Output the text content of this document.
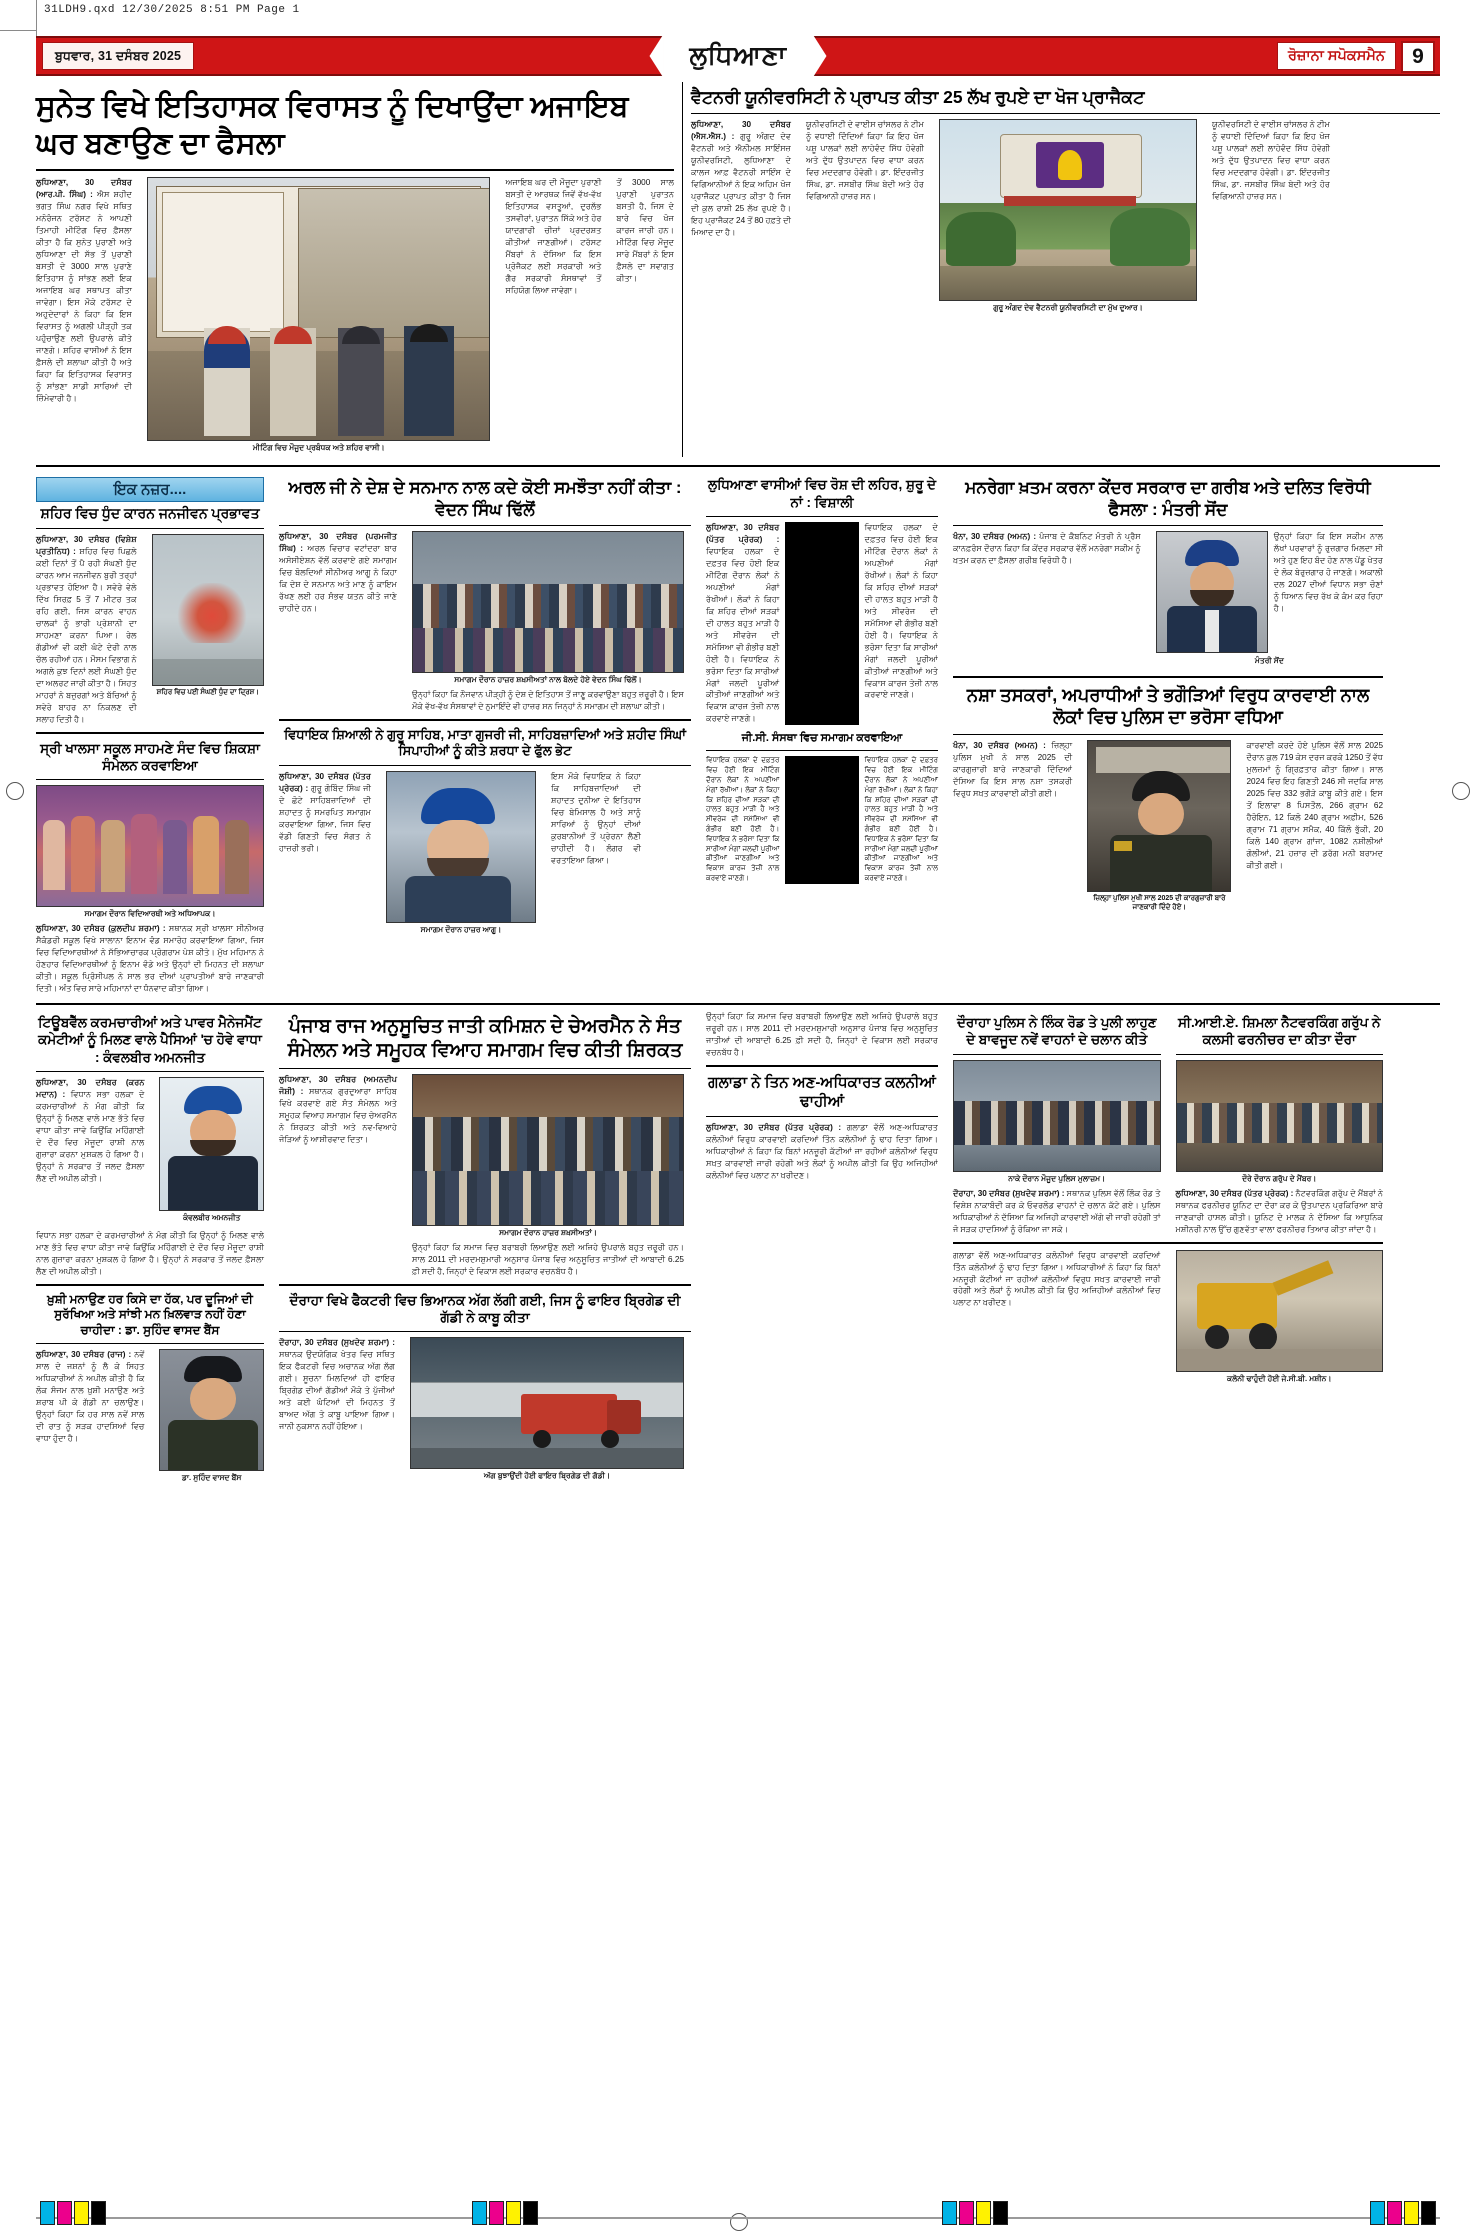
31LDH9.qxd 12/30/2025 8:51 PM Page 1
ਬੁਧਵਾਰ, 31 ਦਸੰਬਰ 2025	ਲੁਧਿਆਣਾ	ਰੋਜ਼ਾਨਾ ਸਪੋਕਸਮੈਨ	9
ਸੁਨੇਤ ਵਿਖੇ ਇਤਿਹਾਸਕ ਵਿਰਾਸਤ ਨੂੰ ਦਿਖਾਉਂਦਾ ਅਜਾਇਬ ਘਰ ਬਣਾਉਣ ਦਾ ਫੈਸਲਾ
ਲੁਧਿਆਣਾ, 30 ਦਸੰਬਰ (ਆਰ.ਪੀ. ਸਿੰਘ) : ਐਸ ਸ਼ਹੀਦ ਭਗਤ ਸਿੰਘ ਨਗਰ ਵਿਖੇ ਸਥਿਤ ਮਨੋਰੰਜਨ ਟਰੱਸਟ ਨੇ ਆਪਣੀ ਤਿਮਾਹੀ ਮੀਟਿੰਗ ਵਿਚ ਫ਼ੈਸਲਾ ਕੀਤਾ ਹੈ ਕਿ ਸੁਨੇਤ ਪੁਰਾਣੀ ਅਤੇ ਲੁਧਿਆਣਾ ਦੀ ਸੱਭ ਤੋਂ ਪੁਰਾਣੀ ਬਸਤੀ ਦੇ 3000 ਸਾਲ ਪੁਰਾਣੇ ਇਤਿਹਾਸ ਨੂੰ ਸਾਂਭਣ ਲਈ ਇਕ ਅਜਾਇਬ ਘਰ ਸਥਾਪਤ ਕੀਤਾ ਜਾਵੇਗਾ। ਇਸ ਮੌਕੇ ਟਰੱਸਟ ਦੇ ਅਹੁਦੇਦਾਰਾਂ ਨੇ ਕਿਹਾ ਕਿ ਇਸ ਵਿਰਾਸਤ ਨੂੰ ਅਗਲੀ ਪੀੜ੍ਹੀ ਤਕ ਪਹੁੰਚਾਉਣ ਲਈ ਉਪਰਾਲੇ ਕੀਤੇ ਜਾਣਗੇ। ਸ਼ਹਿਰ ਵਾਸੀਆਂ ਨੇ ਇਸ ਫ਼ੈਸਲੇ ਦੀ ਸ਼ਲਾਘਾ ਕੀਤੀ ਹੈ ਅਤੇ ਕਿਹਾ ਕਿ ਇਤਿਹਾਸਕ ਵਿਰਾਸਤ ਨੂੰ ਸਾਂਭਣਾ ਸਾਡੀ ਸਾਰਿਆਂ ਦੀ ਜ਼ਿੰਮੇਵਾਰੀ ਹੈ।
ਮੀਟਿੰਗ ਵਿਚ ਮੌਜੂਦ ਪ੍ਰਬੰਧਕ ਅਤੇ ਸ਼ਹਿਰ ਵਾਸੀ।
ਅਜਾਇਬ ਘਰ ਦੀ ਮੌਜੂਦਾ ਪੁਰਾਣੀ ਬਸਤੀ ਦੇ ਆਰਥਕ ਜਿਵੇਂ ਵੱਖ-ਵੱਖ ਇਤਿਹਾਸਕ ਵਸਤੂਆਂ, ਦੁਰਲੱਭ ਤਸਵੀਰਾਂ, ਪੁਰਾਤਨ ਸਿੱਕੇ ਅਤੇ ਹੋਰ ਯਾਦਗਾਰੀ ਚੀਜ਼ਾਂ ਪ੍ਰਦਰਸ਼ਤ ਕੀਤੀਆਂ ਜਾਣਗੀਆਂ। ਟਰੱਸਟ ਮੈਂਬਰਾਂ ਨੇ ਦੱਸਿਆ ਕਿ ਇਸ ਪ੍ਰੋਜੈਕਟ ਲਈ ਸਰਕਾਰੀ ਅਤੇ ਗੈਰ ਸਰਕਾਰੀ ਸੰਸਥਾਵਾਂ ਤੋਂ ਸਹਿਯੋਗ ਲਿਆ ਜਾਵੇਗਾ।
ਤੋਂ 3000 ਸਾਲ ਪੁਰਾਣੀ ਪੁਰਾਤਨ ਬਸਤੀ ਹੈ, ਜਿਸ ਦੇ ਬਾਰੇ ਵਿਚ ਖੋਜ ਕਾਰਜ ਜਾਰੀ ਹਨ। ਮੀਟਿੰਗ ਵਿਚ ਮੌਜੂਦ ਸਾਰੇ ਮੈਂਬਰਾਂ ਨੇ ਇਸ ਫ਼ੈਸਲੇ ਦਾ ਸਵਾਗਤ ਕੀਤਾ।
ਵੈਟਨਰੀ ਯੂਨੀਵਰਸਿਟੀ ਨੇ ਪ੍ਰਾਪਤ ਕੀਤਾ 25 ਲੱਖ ਰੁਪਏ ਦਾ ਖੋਜ ਪ੍ਰਾਜੈਕਟ
ਲੁਧਿਆਣਾ, 30 ਦਸੰਬਰ (ਐਸ.ਐਸ.) : ਗੁਰੂ ਅੰਗਦ ਦੇਵ ਵੈਟਨਰੀ ਅਤੇ ਐਨੀਮਲ ਸਾਇੰਸਜ਼ ਯੂਨੀਵਰਸਿਟੀ, ਲੁਧਿਆਣਾ ਦੇ ਕਾਲਜ ਆਫ਼ ਵੈਟਨਰੀ ਸਾਇੰਸ ਦੇ ਵਿਗਿਆਨੀਆਂ ਨੇ ਇਕ ਅਹਿਮ ਖੋਜ ਪ੍ਰਾਜੈਕਟ ਪ੍ਰਾਪਤ ਕੀਤਾ ਹੈ ਜਿਸ ਦੀ ਕੁਲ ਰਾਸ਼ੀ 25 ਲੱਖ ਰੁਪਏ ਹੈ। ਇਹ ਪ੍ਰਾਜੈਕਟ 24 ਤੋਂ 80 ਹਫ਼ਤੇ ਦੀ ਮਿਆਦ ਦਾ ਹੈ।
ਯੂਨੀਵਰਸਿਟੀ ਦੇ ਵਾਈਸ ਚਾਂਸਲਰ ਨੇ ਟੀਮ ਨੂੰ ਵਧਾਈ ਦਿੰਦਿਆਂ ਕਿਹਾ ਕਿ ਇਹ ਖੋਜ ਪਸ਼ੂ ਪਾਲਕਾਂ ਲਈ ਲਾਹੇਵੰਦ ਸਿੱਧ ਹੋਵੇਗੀ ਅਤੇ ਦੁੱਧ ਉਤਪਾਦਨ ਵਿਚ ਵਾਧਾ ਕਰਨ ਵਿਚ ਮਦਦਗਾਰ ਹੋਵੇਗੀ। ਡਾ. ਇੰਦਰਜੀਤ ਸਿੰਘ, ਡਾ. ਜਸਬੀਰ ਸਿੰਘ ਬੇਦੀ ਅਤੇ ਹੋਰ ਵਿਗਿਆਨੀ ਹਾਜ਼ਰ ਸਨ।
ਗੁਰੂ ਅੰਗਦ ਦੇਵ ਵੈਟਨਰੀ ਯੂਨੀਵਰਸਿਟੀ ਦਾ ਮੁੱਖ ਦੁਆਰ।
ਯੂਨੀਵਰਸਿਟੀ ਦੇ ਵਾਈਸ ਚਾਂਸਲਰ ਨੇ ਟੀਮ ਨੂੰ ਵਧਾਈ ਦਿੰਦਿਆਂ ਕਿਹਾ ਕਿ ਇਹ ਖੋਜ ਪਸ਼ੂ ਪਾਲਕਾਂ ਲਈ ਲਾਹੇਵੰਦ ਸਿੱਧ ਹੋਵੇਗੀ ਅਤੇ ਦੁੱਧ ਉਤਪਾਦਨ ਵਿਚ ਵਾਧਾ ਕਰਨ ਵਿਚ ਮਦਦਗਾਰ ਹੋਵੇਗੀ। ਡਾ. ਇੰਦਰਜੀਤ ਸਿੰਘ, ਡਾ. ਜਸਬੀਰ ਸਿੰਘ ਬੇਦੀ ਅਤੇ ਹੋਰ ਵਿਗਿਆਨੀ ਹਾਜ਼ਰ ਸਨ।
ਇਕ ਨਜ਼ਰ....
ਸ਼ਹਿਰ ਵਿਚ ਧੁੰਦ ਕਾਰਨ ਜਨਜੀਵਨ ਪ੍ਰਭਾਵਤ
ਲੁਧਿਆਣਾ, 30 ਦਸੰਬਰ (ਵਿਸ਼ੇਸ਼ ਪ੍ਰਤੀਨਿਧ) : ਸ਼ਹਿਰ ਵਿਚ ਪਿਛਲੇ ਕਈ ਦਿਨਾਂ ਤੋਂ ਪੈ ਰਹੀ ਸੰਘਣੀ ਧੁੰਦ ਕਾਰਨ ਆਮ ਜਨਜੀਵਨ ਬੁਰੀ ਤਰ੍ਹਾਂ ਪ੍ਰਭਾਵਤ ਹੋਇਆ ਹੈ। ਸਵੇਰੇ ਵੇਲੇ ਦਿੱਖ ਸਿਰਫ਼ 5 ਤੋਂ 7 ਮੀਟਰ ਤਕ ਰਹਿ ਗਈ, ਜਿਸ ਕਾਰਨ ਵਾਹਨ ਚਾਲਕਾਂ ਨੂੰ ਭਾਰੀ ਪ੍ਰੇਸ਼ਾਨੀ ਦਾ ਸਾਹਮਣਾ ਕਰਨਾ ਪਿਆ। ਰੇਲ ਗੱਡੀਆਂ ਵੀ ਕਈ ਘੰਟੇ ਦੇਰੀ ਨਾਲ ਚੱਲ ਰਹੀਆਂ ਹਨ। ਮੌਸਮ ਵਿਭਾਗ ਨੇ ਅਗਲੇ ਕੁਝ ਦਿਨਾਂ ਲਈ ਸੰਘਣੀ ਧੁੰਦ ਦਾ ਅਲਰਟ ਜਾਰੀ ਕੀਤਾ ਹੈ। ਸਿਹਤ ਮਾਹਰਾਂ ਨੇ ਬਜ਼ੁਰਗਾਂ ਅਤੇ ਬੱਚਿਆਂ ਨੂੰ ਸਵੇਰੇ ਬਾਹਰ ਨਾ ਨਿਕਲਣ ਦੀ ਸਲਾਹ ਦਿਤੀ ਹੈ।
ਸ਼ਹਿਰ ਵਿਚ ਪਈ ਸੰਘਣੀ ਧੁੰਦ ਦਾ ਦ੍ਰਿਸ਼।
ਸ੍ਰੀ ਖਾਲਸਾ ਸਕੂਲ ਸਾਹਮਣੇ ਸੰਦ ਵਿਚ ਸ਼ਿਕਸ਼ਾ ਸੰਮੇਲਨ ਕਰਵਾਇਆ
ਸਮਾਗਮ ਦੌਰਾਨ ਵਿਦਿਆਰਥੀ ਅਤੇ ਅਧਿਆਪਕ।
ਲੁਧਿਆਣਾ, 30 ਦਸੰਬਰ (ਕੁਲਦੀਪ ਸ਼ਰਮਾ) : ਸਥਾਨਕ ਸ੍ਰੀ ਖਾਲਸਾ ਸੀਨੀਅਰ ਸੈਕੰਡਰੀ ਸਕੂਲ ਵਿਖੇ ਸਾਲਾਨਾ ਇਨਾਮ ਵੰਡ ਸਮਾਰੋਹ ਕਰਵਾਇਆ ਗਿਆ, ਜਿਸ ਵਿਚ ਵਿਦਿਆਰਥੀਆਂ ਨੇ ਸੱਭਿਆਚਾਰਕ ਪ੍ਰੋਗਰਾਮ ਪੇਸ਼ ਕੀਤੇ। ਮੁੱਖ ਮਹਿਮਾਨ ਨੇ ਹੋਣਹਾਰ ਵਿਦਿਆਰਥੀਆਂ ਨੂੰ ਇਨਾਮ ਵੰਡੇ ਅਤੇ ਉਨ੍ਹਾਂ ਦੀ ਮਿਹਨਤ ਦੀ ਸ਼ਲਾਘਾ ਕੀਤੀ। ਸਕੂਲ ਪ੍ਰਿੰਸੀਪਲ ਨੇ ਸਾਲ ਭਰ ਦੀਆਂ ਪ੍ਰਾਪਤੀਆਂ ਬਾਰੇ ਜਾਣਕਾਰੀ ਦਿਤੀ। ਅੰਤ ਵਿਚ ਸਾਰੇ ਮਹਿਮਾਨਾਂ ਦਾ ਧੰਨਵਾਦ ਕੀਤਾ ਗਿਆ।
ਅਰਲ ਜੀ ਨੇ ਦੇਸ਼ ਦੇ ਸਨਮਾਨ ਨਾਲ ਕਦੇ ਕੋਈ ਸਮਝੌਤਾ ਨਹੀਂ ਕੀਤਾ : ਵੇਦਨ ਸਿੰਘ ਢਿੱਲੋਂ
ਲੁਧਿਆਣਾ, 30 ਦਸੰਬਰ (ਪਰਮਜੀਤ ਸਿੰਘ) : ਅਰਲ ਵਿਚਾਰ ਵਟਾਂਦਰਾ ਬਾਰ ਅਸੋਸੀਏਸ਼ਨ ਵੱਲੋਂ ਕਰਵਾਏ ਗਏ ਸਮਾਗਮ ਵਿਚ ਬੋਲਦਿਆਂ ਸੀਨੀਅਰ ਆਗੂ ਨੇ ਕਿਹਾ ਕਿ ਦੇਸ਼ ਦੇ ਸਨਮਾਨ ਅਤੇ ਮਾਣ ਨੂੰ ਕਾਇਮ ਰੱਖਣ ਲਈ ਹਰ ਸੰਭਵ ਯਤਨ ਕੀਤੇ ਜਾਣੇ ਚਾਹੀਦੇ ਹਨ।
ਸਮਾਗਮ ਦੌਰਾਨ ਹਾਜ਼ਰ ਸ਼ਖ਼ਸੀਅਤਾਂ ਨਾਲ ਬੋਲਦੇ ਹੋਏ ਵੇਦਨ ਸਿੰਘ ਢਿੱਲੋਂ।
ਉਨ੍ਹਾਂ ਕਿਹਾ ਕਿ ਨੌਜਵਾਨ ਪੀੜ੍ਹੀ ਨੂੰ ਦੇਸ਼ ਦੇ ਇਤਿਹਾਸ ਤੋਂ ਜਾਣੂ ਕਰਵਾਉਣਾ ਬਹੁਤ ਜ਼ਰੂਰੀ ਹੈ। ਇਸ ਮੌਕੇ ਵੱਖ-ਵੱਖ ਸੰਸਥਾਵਾਂ ਦੇ ਨੁਮਾਇੰਦੇ ਵੀ ਹਾਜ਼ਰ ਸਨ ਜਿਨ੍ਹਾਂ ਨੇ ਸਮਾਗਮ ਦੀ ਸ਼ਲਾਘਾ ਕੀਤੀ।
ਵਿਧਾਇਕ ਸ਼ਿਆਲੀ ਨੇ ਗੁਰੂ ਸਾਹਿਬ, ਮਾਤਾ ਗੁਜਰੀ ਜੀ, ਸਾਹਿਬਜ਼ਾਦਿਆਂ ਅਤੇ ਸ਼ਹੀਦ ਸਿੰਘਾਂ ਸਿਪਾਹੀਆਂ ਨੂੰ ਕੀਤੇ ਸ਼ਰਧਾ ਦੇ ਫੁੱਲ ਭੇਟ
ਲੁਧਿਆਣਾ, 30 ਦਸੰਬਰ (ਪੱਤਰ ਪ੍ਰੇਰਕ) : ਗੁਰੂ ਗੋਬਿੰਦ ਸਿੰਘ ਜੀ ਦੇ ਛੋਟੇ ਸਾਹਿਬਜ਼ਾਦਿਆਂ ਦੀ ਸ਼ਹਾਦਤ ਨੂੰ ਸਮਰਪਿਤ ਸਮਾਗਮ ਕਰਵਾਇਆ ਗਿਆ, ਜਿਸ ਵਿਚ ਵੱਡੀ ਗਿਣਤੀ ਵਿਚ ਸੰਗਤ ਨੇ ਹਾਜ਼ਰੀ ਭਰੀ।
ਸਮਾਗਮ ਦੌਰਾਨ ਹਾਜ਼ਰ ਆਗੂ।
ਇਸ ਮੌਕੇ ਵਿਧਾਇਕ ਨੇ ਕਿਹਾ ਕਿ ਸਾਹਿਬਜ਼ਾਦਿਆਂ ਦੀ ਸ਼ਹਾਦਤ ਦੁਨੀਆ ਦੇ ਇਤਿਹਾਸ ਵਿਚ ਬੇਮਿਸਾਲ ਹੈ ਅਤੇ ਸਾਨੂੰ ਸਾਰਿਆਂ ਨੂੰ ਉਨ੍ਹਾਂ ਦੀਆਂ ਕੁਰਬਾਨੀਆਂ ਤੋਂ ਪ੍ਰੇਰਨਾ ਲੈਣੀ ਚਾਹੀਦੀ ਹੈ। ਲੰਗਰ ਵੀ ਵਰਤਾਇਆ ਗਿਆ।
ਲੁਧਿਆਣਾ ਵਾਸੀਆਂ ਵਿਚ ਰੋਸ਼ ਦੀ ਲਹਿਰ, ਸ਼ੁਰੂ ਦੇ ਨਾਂ : ਵਿਸ਼ਾਲੀ
ਲੁਧਿਆਣਾ, 30 ਦਸੰਬਰ (ਪੱਤਰ ਪ੍ਰੇਰਕ) : ਵਿਧਾਇਕ ਹਲਕਾ ਦੇ ਦਫ਼ਤਰ ਵਿਚ ਹੋਈ ਇਕ ਮੀਟਿੰਗ ਦੌਰਾਨ ਲੋਕਾਂ ਨੇ ਅਪਣੀਆਂ ਮੰਗਾਂ ਰੱਖੀਆਂ। ਲੋਕਾਂ ਨੇ ਕਿਹਾ ਕਿ ਸ਼ਹਿਰ ਦੀਆਂ ਸੜਕਾਂ ਦੀ ਹਾਲਤ ਬਹੁਤ ਮਾੜੀ ਹੈ ਅਤੇ ਸੀਵਰੇਜ ਦੀ ਸਮੱਸਿਆ ਵੀ ਗੰਭੀਰ ਬਣੀ ਹੋਈ ਹੈ। ਵਿਧਾਇਕ ਨੇ ਭਰੋਸਾ ਦਿਤਾ ਕਿ ਸਾਰੀਆਂ ਮੰਗਾਂ ਜਲਦੀ ਪੂਰੀਆਂ ਕੀਤੀਆਂ ਜਾਣਗੀਆਂ ਅਤੇ ਵਿਕਾਸ ਕਾਰਜ ਤੇਜ਼ੀ ਨਾਲ ਕਰਵਾਏ ਜਾਣਗੇ।
ਵਿਧਾਇਕ ਹਲਕਾ ਦੇ ਦਫ਼ਤਰ ਵਿਚ ਹੋਈ ਇਕ ਮੀਟਿੰਗ ਦੌਰਾਨ ਲੋਕਾਂ ਨੇ ਅਪਣੀਆਂ ਮੰਗਾਂ ਰੱਖੀਆਂ। ਲੋਕਾਂ ਨੇ ਕਿਹਾ ਕਿ ਸ਼ਹਿਰ ਦੀਆਂ ਸੜਕਾਂ ਦੀ ਹਾਲਤ ਬਹੁਤ ਮਾੜੀ ਹੈ ਅਤੇ ਸੀਵਰੇਜ ਦੀ ਸਮੱਸਿਆ ਵੀ ਗੰਭੀਰ ਬਣੀ ਹੋਈ ਹੈ। ਵਿਧਾਇਕ ਨੇ ਭਰੋਸਾ ਦਿਤਾ ਕਿ ਸਾਰੀਆਂ ਮੰਗਾਂ ਜਲਦੀ ਪੂਰੀਆਂ ਕੀਤੀਆਂ ਜਾਣਗੀਆਂ ਅਤੇ ਵਿਕਾਸ ਕਾਰਜ ਤੇਜ਼ੀ ਨਾਲ ਕਰਵਾਏ ਜਾਣਗੇ।
ਜੀ.ਸੀ. ਸੰਸਥਾ ਵਿਚ ਸਮਾਗਮ ਕਰਵਾਇਆ
ਵਿਧਾਇਕ ਹਲਕਾ ਦੇ ਦਫ਼ਤਰ ਵਿਚ ਹੋਈ ਇਕ ਮੀਟਿੰਗ ਦੌਰਾਨ ਲੋਕਾਂ ਨੇ ਅਪਣੀਆਂ ਮੰਗਾਂ ਰੱਖੀਆਂ। ਲੋਕਾਂ ਨੇ ਕਿਹਾ ਕਿ ਸ਼ਹਿਰ ਦੀਆਂ ਸੜਕਾਂ ਦੀ ਹਾਲਤ ਬਹੁਤ ਮਾੜੀ ਹੈ ਅਤੇ ਸੀਵਰੇਜ ਦੀ ਸਮੱਸਿਆ ਵੀ ਗੰਭੀਰ ਬਣੀ ਹੋਈ ਹੈ। ਵਿਧਾਇਕ ਨੇ ਭਰੋਸਾ ਦਿਤਾ ਕਿ ਸਾਰੀਆਂ ਮੰਗਾਂ ਜਲਦੀ ਪੂਰੀਆਂ ਕੀਤੀਆਂ ਜਾਣਗੀਆਂ ਅਤੇ ਵਿਕਾਸ ਕਾਰਜ ਤੇਜ਼ੀ ਨਾਲ ਕਰਵਾਏ ਜਾਣਗੇ।
ਵਿਧਾਇਕ ਹਲਕਾ ਦੇ ਦਫ਼ਤਰ ਵਿਚ ਹੋਈ ਇਕ ਮੀਟਿੰਗ ਦੌਰਾਨ ਲੋਕਾਂ ਨੇ ਅਪਣੀਆਂ ਮੰਗਾਂ ਰੱਖੀਆਂ। ਲੋਕਾਂ ਨੇ ਕਿਹਾ ਕਿ ਸ਼ਹਿਰ ਦੀਆਂ ਸੜਕਾਂ ਦੀ ਹਾਲਤ ਬਹੁਤ ਮਾੜੀ ਹੈ ਅਤੇ ਸੀਵਰੇਜ ਦੀ ਸਮੱਸਿਆ ਵੀ ਗੰਭੀਰ ਬਣੀ ਹੋਈ ਹੈ। ਵਿਧਾਇਕ ਨੇ ਭਰੋਸਾ ਦਿਤਾ ਕਿ ਸਾਰੀਆਂ ਮੰਗਾਂ ਜਲਦੀ ਪੂਰੀਆਂ ਕੀਤੀਆਂ ਜਾਣਗੀਆਂ ਅਤੇ ਵਿਕਾਸ ਕਾਰਜ ਤੇਜ਼ੀ ਨਾਲ ਕਰਵਾਏ ਜਾਣਗੇ।
ਮਨਰੇਗਾ ਖ਼ਤਮ ਕਰਨਾ ਕੇਂਦਰ ਸਰਕਾਰ ਦਾ ਗਰੀਬ ਅਤੇ ਦਲਿਤ ਵਿਰੋਧੀ ਫੈਸਲਾ : ਮੰਤਰੀ ਸੋਂਦ
ਖੰਨਾ, 30 ਦਸੰਬਰ (ਅਮਨ) : ਪੰਜਾਬ ਦੇ ਕੈਬਨਿਟ ਮੰਤਰੀ ਨੇ ਪ੍ਰੈਸ ਕਾਨਫ਼ਰੰਸ ਦੌਰਾਨ ਕਿਹਾ ਕਿ ਕੇਂਦਰ ਸਰਕਾਰ ਵੱਲੋਂ ਮਨਰੇਗਾ ਸਕੀਮ ਨੂੰ ਖ਼ਤਮ ਕਰਨ ਦਾ ਫ਼ੈਸਲਾ ਗਰੀਬ ਵਿਰੋਧੀ ਹੈ।
ਉਨ੍ਹਾਂ ਕਿਹਾ ਕਿ ਇਸ ਸਕੀਮ ਨਾਲ ਲੱਖਾਂ ਪਰਵਾਰਾਂ ਨੂੰ ਰੁਜ਼ਗਾਰ ਮਿਲਦਾ ਸੀ ਅਤੇ ਹੁਣ ਇਹ ਬੰਦ ਹੋਣ ਨਾਲ ਪੇਂਡੂ ਖੇਤਰ ਦੇ ਲੋਕ ਬੇਰੁਜ਼ਗਾਰ ਹੋ ਜਾਣਗੇ। ਅਕਾਲੀ ਦਲ 2027 ਦੀਆਂ ਵਿਧਾਨ ਸਭਾ ਚੋਣਾਂ ਨੂੰ ਧਿਆਨ ਵਿਚ ਰੱਖ ਕੇ ਕੰਮ ਕਰ ਰਿਹਾ ਹੈ।
ਮੰਤਰੀ ਸੋਂਦ
ਨਸ਼ਾ ਤਸਕਰਾਂ, ਅਪਰਾਧੀਆਂ ਤੇ ਭਗੌੜਿਆਂ ਵਿਰੁਧ ਕਾਰਵਾਈ ਨਾਲ ਲੋਕਾਂ ਵਿਚ ਪੁਲਿਸ ਦਾ ਭਰੋਸਾ ਵਧਿਆ
ਖੰਨਾ, 30 ਦਸੰਬਰ (ਅਮਨ) : ਜ਼ਿਲ੍ਹਾ ਪੁਲਿਸ ਮੁਖੀ ਨੇ ਸਾਲ 2025 ਦੀ ਕਾਰਗੁਜ਼ਾਰੀ ਬਾਰੇ ਜਾਣਕਾਰੀ ਦਿੰਦਿਆਂ ਦੱਸਿਆ ਕਿ ਇਸ ਸਾਲ ਨਸ਼ਾ ਤਸਕਰੀ ਵਿਰੁਧ ਸਖ਼ਤ ਕਾਰਵਾਈ ਕੀਤੀ ਗਈ।
ਜ਼ਿਲ੍ਹਾ ਪੁਲਿਸ ਮੁਖੀ ਸਾਲ 2025 ਦੀ ਕਾਰਗੁਜ਼ਾਰੀ ਬਾਰੇ ਜਾਣਕਾਰੀ ਦਿੰਦੇ ਹੋਏ।
ਕਾਰਵਾਈ ਕਰਦੇ ਹੋਏ ਪੁਲਿਸ ਵੱਲੋਂ ਸਾਲ 2025 ਦੌਰਾਨ ਕੁਲ 719 ਕੇਸ ਦਰਜ ਕਰਕੇ 1250 ਤੋਂ ਵੱਧ ਮੁਲਜ਼ਮਾਂ ਨੂੰ ਗ੍ਰਿਫ਼ਤਾਰ ਕੀਤਾ ਗਿਆ। ਸਾਲ 2024 ਵਿਚ ਇਹ ਗਿਣਤੀ 246 ਸੀ ਜਦਕਿ ਸਾਲ 2025 ਵਿਚ 332 ਭਗੌੜੇ ਕਾਬੂ ਕੀਤੇ ਗਏ। ਇਸ ਤੋਂ ਇਲਾਵਾ 8 ਪਿਸਤੌਲ, 266 ਗ੍ਰਾਮ 62 ਹੈਰੋਇਨ, 12 ਕਿਲੋ 240 ਗ੍ਰਾਮ ਅਫ਼ੀਮ, 526 ਗ੍ਰਾਮ 71 ਗ੍ਰਾਮ ਸਮੈਕ, 40 ਕਿੱਲੋ ਭੁੱਕੀ, 20 ਕਿਲੋ 140 ਗ੍ਰਾਮ ਗਾਂਜਾ, 1082 ਨਸ਼ੀਲੀਆਂ ਗੋਲੀਆਂ, 21 ਹਜ਼ਾਰ ਦੀ ਡਰੱਗ ਮਨੀ ਬਰਾਮਦ ਕੀਤੀ ਗਈ।
ਟਿਊਬਵੈੱਲ ਕਰਮਚਾਰੀਆਂ ਅਤੇ ਪਾਵਰ ਮੈਨੇਜਮੈਂਟ ਕਮੇਟੀਆਂ ਨੂੰ ਮਿਲਣ ਵਾਲੇ ਪੈਸਿਆਂ 'ਚ ਹੋਵੇ ਵਾਧਾ : ਕੰਵਲਬੀਰ ਅਮਨਜੀਤ
ਲੁਧਿਆਣਾ, 30 ਦਸੰਬਰ (ਕਰਨ ਮਦਾਨ) : ਵਿਧਾਨ ਸਭਾ ਹਲਕਾ ਦੇ ਕਰਮਚਾਰੀਆਂ ਨੇ ਮੰਗ ਕੀਤੀ ਕਿ ਉਨ੍ਹਾਂ ਨੂੰ ਮਿਲਣ ਵਾਲੇ ਮਾਣ ਭੱਤੇ ਵਿਚ ਵਾਧਾ ਕੀਤਾ ਜਾਵੇ ਕਿਉਂਕਿ ਮਹਿੰਗਾਈ ਦੇ ਦੌਰ ਵਿਚ ਮੌਜੂਦਾ ਰਾਸ਼ੀ ਨਾਲ ਗੁਜ਼ਾਰਾ ਕਰਨਾ ਮੁਸ਼ਕਲ ਹੋ ਗਿਆ ਹੈ। ਉਨ੍ਹਾਂ ਨੇ ਸਰਕਾਰ ਤੋਂ ਜਲਦ ਫ਼ੈਸਲਾ ਲੈਣ ਦੀ ਅਪੀਲ ਕੀਤੀ।
ਕੰਵਲਬੀਰ ਅਮਨਜੀਤ
ਵਿਧਾਨ ਸਭਾ ਹਲਕਾ ਦੇ ਕਰਮਚਾਰੀਆਂ ਨੇ ਮੰਗ ਕੀਤੀ ਕਿ ਉਨ੍ਹਾਂ ਨੂੰ ਮਿਲਣ ਵਾਲੇ ਮਾਣ ਭੱਤੇ ਵਿਚ ਵਾਧਾ ਕੀਤਾ ਜਾਵੇ ਕਿਉਂਕਿ ਮਹਿੰਗਾਈ ਦੇ ਦੌਰ ਵਿਚ ਮੌਜੂਦਾ ਰਾਸ਼ੀ ਨਾਲ ਗੁਜ਼ਾਰਾ ਕਰਨਾ ਮੁਸ਼ਕਲ ਹੋ ਗਿਆ ਹੈ। ਉਨ੍ਹਾਂ ਨੇ ਸਰਕਾਰ ਤੋਂ ਜਲਦ ਫ਼ੈਸਲਾ ਲੈਣ ਦੀ ਅਪੀਲ ਕੀਤੀ।
ਖ਼ੁਸ਼ੀ ਮਨਾਉਣ ਹਰ ਕਿਸੇ ਦਾ ਹੱਕ, ਪਰ ਦੂਜਿਆਂ ਦੀ ਸੁਰੱਖਿਆ ਅਤੇ ਸਾਂਝੀ ਮਨ ਖ਼ਿਲਵਾੜ ਨਹੀਂ ਹੋਣਾ ਚਾਹੀਦਾ : ਡਾ. ਸੁਹਿੰਦ ਵਾਸਦ ਬੈਂਸ
ਲੁਧਿਆਣਾ, 30 ਦਸੰਬਰ (ਰਾਜ) : ਨਵੇਂ ਸਾਲ ਦੇ ਜਸ਼ਨਾਂ ਨੂੰ ਲੈ ਕੇ ਸਿਹਤ ਅਧਿਕਾਰੀਆਂ ਨੇ ਅਪੀਲ ਕੀਤੀ ਹੈ ਕਿ ਲੋਕ ਸੰਜਮ ਨਾਲ ਖ਼ੁਸ਼ੀ ਮਨਾਉਣ ਅਤੇ ਸ਼ਰਾਬ ਪੀ ਕੇ ਗੱਡੀ ਨਾ ਚਲਾਉਣ। ਉਨ੍ਹਾਂ ਕਿਹਾ ਕਿ ਹਰ ਸਾਲ ਨਵੇਂ ਸਾਲ ਦੀ ਰਾਤ ਨੂੰ ਸੜਕ ਹਾਦਸਿਆਂ ਵਿਚ ਵਾਧਾ ਹੁੰਦਾ ਹੈ।
ਡਾ. ਸੁਹਿੰਦ ਵਾਸਦ ਬੈਂਸ
ਪੰਜਾਬ ਰਾਜ ਅਨੁਸੂਚਿਤ ਜਾਤੀ ਕਮਿਸ਼ਨ ਦੇ ਚੇਅਰਮੈਨ ਨੇ ਸੰਤ ਸੰਮੇਲਨ ਅਤੇ ਸਮੂਹਕ ਵਿਆਹ ਸਮਾਗਮ ਵਿਚ ਕੀਤੀ ਸ਼ਿਰਕਤ
ਲੁਧਿਆਣਾ, 30 ਦਸੰਬਰ (ਅਮਨਦੀਪ ਜੋਸ਼ੀ) : ਸਥਾਨਕ ਗੁਰਦੁਆਰਾ ਸਾਹਿਬ ਵਿਖੇ ਕਰਵਾਏ ਗਏ ਸੰਤ ਸੰਮੇਲਨ ਅਤੇ ਸਮੂਹਕ ਵਿਆਹ ਸਮਾਗਮ ਵਿਚ ਚੇਅਰਮੈਨ ਨੇ ਸ਼ਿਰਕਤ ਕੀਤੀ ਅਤੇ ਨਵ-ਵਿਆਹੇ ਜੋੜਿਆਂ ਨੂੰ ਆਸ਼ੀਰਵਾਦ ਦਿਤਾ।
ਸਮਾਗਮ ਦੌਰਾਨ ਹਾਜ਼ਰ ਸ਼ਖ਼ਸੀਅਤਾਂ।
ਉਨ੍ਹਾਂ ਕਿਹਾ ਕਿ ਸਮਾਜ ਵਿਚ ਬਰਾਬਰੀ ਲਿਆਉਣ ਲਈ ਅਜਿਹੇ ਉਪਰਾਲੇ ਬਹੁਤ ਜ਼ਰੂਰੀ ਹਨ। ਸਾਲ 2011 ਦੀ ਮਰਦਮਸ਼ੁਮਾਰੀ ਅਨੁਸਾਰ ਪੰਜਾਬ ਵਿਚ ਅਨੁਸੂਚਿਤ ਜਾਤੀਆਂ ਦੀ ਆਬਾਦੀ 6.25 ਫ਼ੀ ਸਦੀ ਹੈ, ਜਿਨ੍ਹਾਂ ਦੇ ਵਿਕਾਸ ਲਈ ਸਰਕਾਰ ਵਚਨਬੱਧ ਹੈ।
ਦੌਰਾਹਾ ਵਿਖੇ ਫੈਕਟਰੀ ਵਿਚ ਭਿਆਨਕ ਅੱਗ ਲੱਗੀ ਗਈ, ਜਿਸ ਨੂੰ ਫਾਇਰ ਬ੍ਰਿਗੇਡ ਦੀ ਗੱਡੀ ਨੇ ਕਾਬੂ ਕੀਤਾ
ਦੌਰਾਹਾ, 30 ਦਸੰਬਰ (ਸੁਖਦੇਵ ਸ਼ਰਮਾ) : ਸਥਾਨਕ ਉਦਯੋਗਿਕ ਖੇਤਰ ਵਿਚ ਸਥਿਤ ਇਕ ਫੈਕਟਰੀ ਵਿਚ ਅਚਾਨਕ ਅੱਗ ਲੱਗ ਗਈ। ਸੂਚਨਾ ਮਿਲਦਿਆਂ ਹੀ ਫਾਇਰ ਬ੍ਰਿਗੇਡ ਦੀਆਂ ਗੱਡੀਆਂ ਮੌਕੇ ਤੇ ਪੁੱਜੀਆਂ ਅਤੇ ਕਈ ਘੰਟਿਆਂ ਦੀ ਮਿਹਨਤ ਤੋਂ ਬਾਅਦ ਅੱਗ ਤੇ ਕਾਬੂ ਪਾਇਆ ਗਿਆ। ਜਾਨੀ ਨੁਕਸਾਨ ਨਹੀਂ ਹੋਇਆ।
ਅੱਗ ਬੁਝਾਉਂਦੀ ਹੋਈ ਫਾਇਰ ਬ੍ਰਿਗੇਡ ਦੀ ਗੱਡੀ।
ਉਨ੍ਹਾਂ ਕਿਹਾ ਕਿ ਸਮਾਜ ਵਿਚ ਬਰਾਬਰੀ ਲਿਆਉਣ ਲਈ ਅਜਿਹੇ ਉਪਰਾਲੇ ਬਹੁਤ ਜ਼ਰੂਰੀ ਹਨ। ਸਾਲ 2011 ਦੀ ਮਰਦਮਸ਼ੁਮਾਰੀ ਅਨੁਸਾਰ ਪੰਜਾਬ ਵਿਚ ਅਨੁਸੂਚਿਤ ਜਾਤੀਆਂ ਦੀ ਆਬਾਦੀ 6.25 ਫ਼ੀ ਸਦੀ ਹੈ, ਜਿਨ੍ਹਾਂ ਦੇ ਵਿਕਾਸ ਲਈ ਸਰਕਾਰ ਵਚਨਬੱਧ ਹੈ।
ਗਲਾਡਾ ਨੇ ਤਿਨ ਅਣ-ਅਧਿਕਾਰਤ ਕਲਨੀਆਂ ਢਾਹੀਆਂ
ਲੁਧਿਆਣਾ, 30 ਦਸੰਬਰ (ਪੱਤਰ ਪ੍ਰੇਰਕ) : ਗਲਾਡਾ ਵੱਲੋਂ ਅਣ-ਅਧਿਕਾਰਤ ਕਲੋਨੀਆਂ ਵਿਰੁਧ ਕਾਰਵਾਈ ਕਰਦਿਆਂ ਤਿੰਨ ਕਲੋਨੀਆਂ ਨੂੰ ਢਾਹ ਦਿਤਾ ਗਿਆ। ਅਧਿਕਾਰੀਆਂ ਨੇ ਕਿਹਾ ਕਿ ਬਿਨਾਂ ਮਨਜ਼ੂਰੀ ਕੱਟੀਆਂ ਜਾ ਰਹੀਆਂ ਕਲੋਨੀਆਂ ਵਿਰੁਧ ਸਖ਼ਤ ਕਾਰਵਾਈ ਜਾਰੀ ਰਹੇਗੀ ਅਤੇ ਲੋਕਾਂ ਨੂੰ ਅਪੀਲ ਕੀਤੀ ਕਿ ਉਹ ਅਜਿਹੀਆਂ ਕਲੋਨੀਆਂ ਵਿਚ ਪਲਾਟ ਨਾ ਖ਼ਰੀਦਣ।
ਦੌਰਾਹਾ ਪੁਲਿਸ ਨੇ ਲਿੰਕ ਰੋਡ ਤੇ ਪੁਲੀ ਲਾਹੁਣ ਦੇ ਬਾਵਜੂਦ ਨਵੇਂ ਵਾਹਨਾਂ ਦੇ ਚਲਾਨ ਕੀਤੇ
ਨਾਕੇ ਦੌਰਾਨ ਮੌਜੂਦ ਪੁਲਿਸ ਮੁਲਾਜ਼ਮ।
ਦੌਰਾਹਾ, 30 ਦਸੰਬਰ (ਸੁਖਦੇਵ ਸ਼ਰਮਾ) : ਸਥਾਨਕ ਪੁਲਿਸ ਵੱਲੋਂ ਲਿੰਕ ਰੋਡ ਤੇ ਵਿਸ਼ੇਸ਼ ਨਾਕਾਬੰਦੀ ਕਰ ਕੇ ਓਵਰਲੋਡ ਵਾਹਨਾਂ ਦੇ ਚਲਾਨ ਕੱਟੇ ਗਏ। ਪੁਲਿਸ ਅਧਿਕਾਰੀਆਂ ਨੇ ਦੱਸਿਆ ਕਿ ਅਜਿਹੀ ਕਾਰਵਾਈ ਅੱਗੇ ਵੀ ਜਾਰੀ ਰਹੇਗੀ ਤਾਂ ਜੋ ਸੜਕ ਹਾਦਸਿਆਂ ਨੂੰ ਰੋਕਿਆ ਜਾ ਸਕੇ।
ਸੀ.ਆਈ.ਏ. ਸ਼ਿਮਲਾ ਨੈਟਵਰਕਿੰਗ ਗਰੁੱਪ ਨੇ ਕਲਸੀ ਫਰਨੀਚਰ ਦਾ ਕੀਤਾ ਦੌਰਾ
ਦੌਰੇ ਦੌਰਾਨ ਗਰੁੱਪ ਦੇ ਮੈਂਬਰ।
ਲੁਧਿਆਣਾ, 30 ਦਸੰਬਰ (ਪੱਤਰ ਪ੍ਰੇਰਕ) : ਨੈਟਵਰਕਿੰਗ ਗਰੁੱਪ ਦੇ ਮੈਂਬਰਾਂ ਨੇ ਸਥਾਨਕ ਫਰਨੀਚਰ ਯੂਨਿਟ ਦਾ ਦੌਰਾ ਕਰ ਕੇ ਉਤਪਾਦਨ ਪ੍ਰਕਿਰਿਆ ਬਾਰੇ ਜਾਣਕਾਰੀ ਹਾਸਲ ਕੀਤੀ। ਯੂਨਿਟ ਦੇ ਮਾਲਕ ਨੇ ਦੱਸਿਆ ਕਿ ਆਧੁਨਿਕ ਮਸ਼ੀਨਰੀ ਨਾਲ ਉੱਚ ਗੁਣਵੱਤਾ ਵਾਲਾ ਫਰਨੀਚਰ ਤਿਆਰ ਕੀਤਾ ਜਾਂਦਾ ਹੈ।
ਗਲਾਡਾ ਵੱਲੋਂ ਅਣ-ਅਧਿਕਾਰਤ ਕਲੋਨੀਆਂ ਵਿਰੁਧ ਕਾਰਵਾਈ ਕਰਦਿਆਂ ਤਿੰਨ ਕਲੋਨੀਆਂ ਨੂੰ ਢਾਹ ਦਿਤਾ ਗਿਆ। ਅਧਿਕਾਰੀਆਂ ਨੇ ਕਿਹਾ ਕਿ ਬਿਨਾਂ ਮਨਜ਼ੂਰੀ ਕੱਟੀਆਂ ਜਾ ਰਹੀਆਂ ਕਲੋਨੀਆਂ ਵਿਰੁਧ ਸਖ਼ਤ ਕਾਰਵਾਈ ਜਾਰੀ ਰਹੇਗੀ ਅਤੇ ਲੋਕਾਂ ਨੂੰ ਅਪੀਲ ਕੀਤੀ ਕਿ ਉਹ ਅਜਿਹੀਆਂ ਕਲੋਨੀਆਂ ਵਿਚ ਪਲਾਟ ਨਾ ਖ਼ਰੀਦਣ।
ਕਲੋਨੀ ਢਾਹੁੰਦੀ ਹੋਈ ਜੇ.ਸੀ.ਬੀ. ਮਸ਼ੀਨ।
